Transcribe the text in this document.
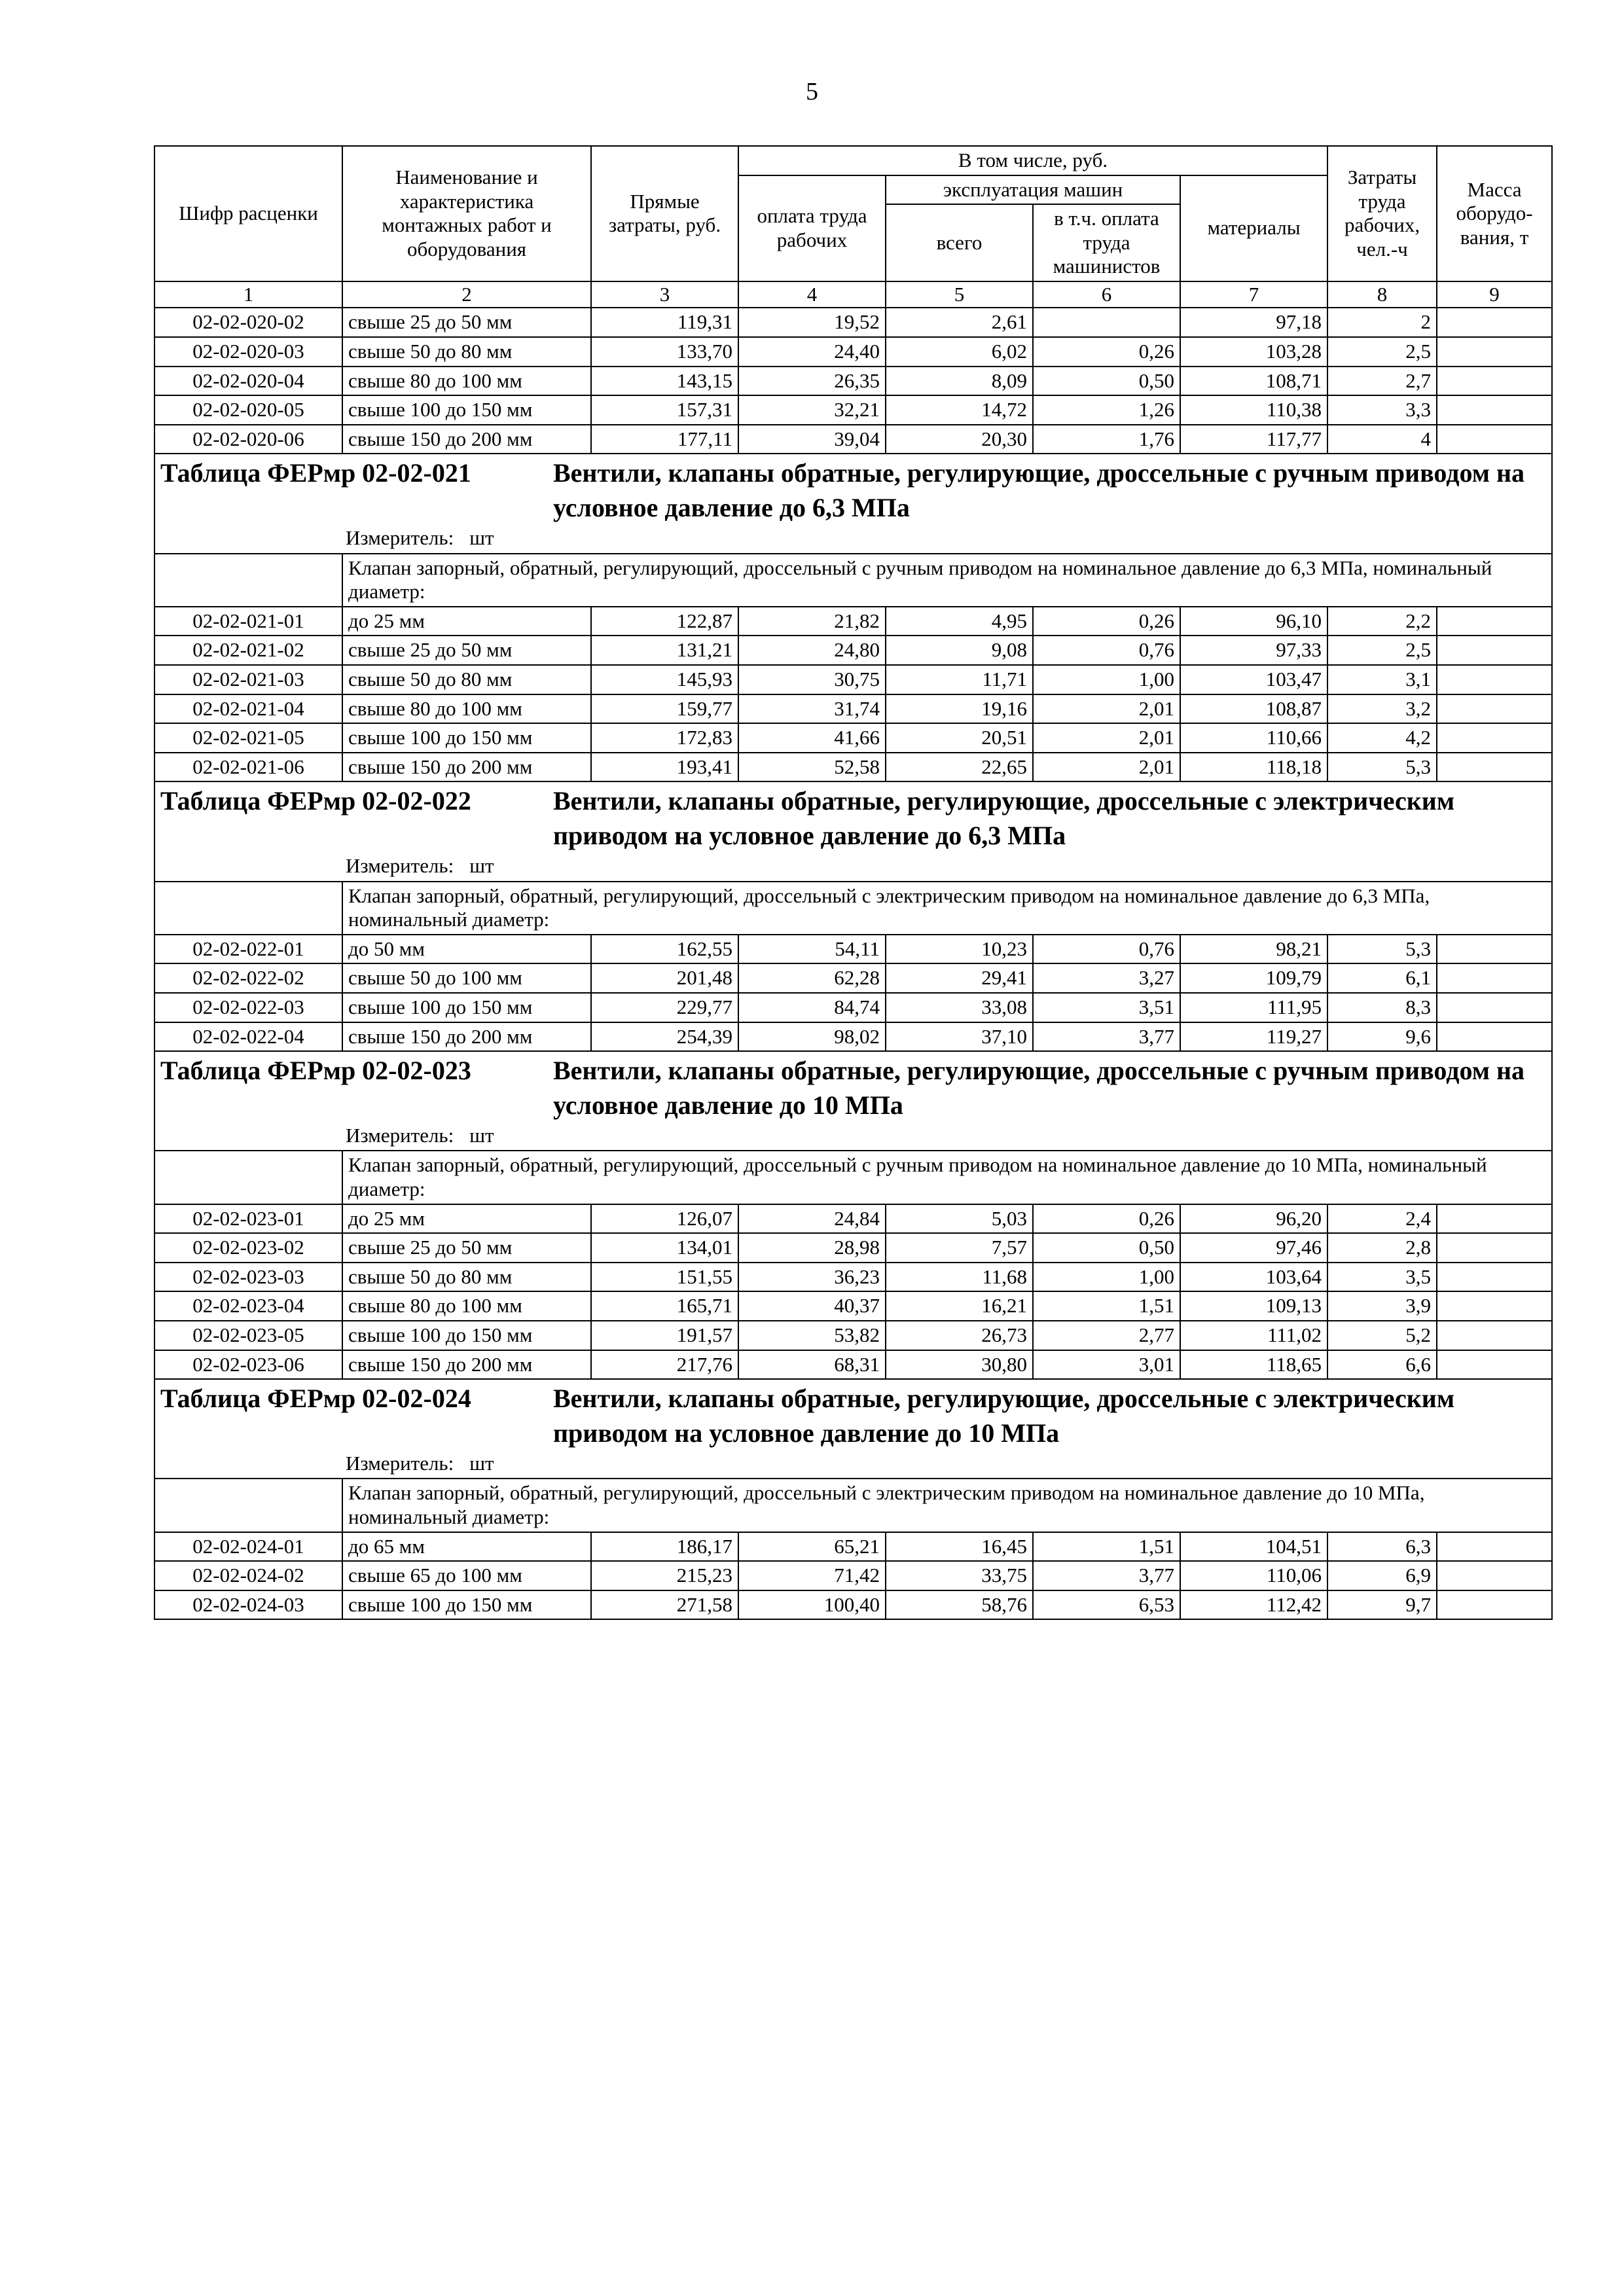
5
Шифр расценки	Наименование и характеристика монтажных работ и оборудования	Прямые затраты, руб.	В том числе, руб.				Затраты труда рабочих, чел.-ч	Масса оборудо-вания, т
			оплата труда рабочих	эксплуатация машин		материалы		
				всего	в т.ч. оплата труда машинистов			
1	2	3	4	5	6	7	8	9
02-02-020-02	свыше 25 до 50 мм	119,31	19,52	2,61		97,18	2	
02-02-020-03	свыше 50 до 80 мм	133,70	24,40	6,02	0,26	103,28	2,5	
02-02-020-04	свыше 80 до 100 мм	143,15	26,35	8,09	0,50	108,71	2,7	
02-02-020-05	свыше 100 до 150 мм	157,31	32,21	14,72	1,26	110,38	3,3	
02-02-020-06	свыше 150 до 200 мм	177,11	39,04	20,30	1,76	117,77	4	

Таблица ФЕРмр 02-02-021 Вентили, клапаны обратные, регулирующие, дроссельные с ручным приводом на условное давление до 6,3 МПа
Измеритель: шт								

	Клапан запорный, обратный, регулирующий, дроссельный с ручным приводом на номинальное давление до 6,3 МПа, номинальный диаметр:							
02-02-021-01	до 25 мм	122,87	21,82	4,95	0,26	96,10	2,2	
02-02-021-02	свыше 25 до 50 мм	131,21	24,80	9,08	0,76	97,33	2,5	
02-02-021-03	свыше 50 до 80 мм	145,93	30,75	11,71	1,00	103,47	3,1	
02-02-021-04	свыше 80 до 100 мм	159,77	31,74	19,16	2,01	108,87	3,2	
02-02-021-05	свыше 100 до 150 мм	172,83	41,66	20,51	2,01	110,66	4,2	
02-02-021-06	свыше 150 до 200 мм	193,41	52,58	22,65	2,01	118,18	5,3	

Таблица ФЕРмр 02-02-022 Вентили, клапаны обратные, регулирующие, дроссельные с электрическим приводом на условное давление до 6,3 МПа
Измеритель: шт								

	Клапан запорный, обратный, регулирующий, дроссельный с электрическим приводом на номинальное давление до 6,3 МПа, номинальный диаметр:							
02-02-022-01	до 50 мм	162,55	54,11	10,23	0,76	98,21	5,3	
02-02-022-02	свыше 50 до 100 мм	201,48	62,28	29,41	3,27	109,79	6,1	
02-02-022-03	свыше 100 до 150 мм	229,77	84,74	33,08	3,51	111,95	8,3	
02-02-022-04	свыше 150 до 200 мм	254,39	98,02	37,10	3,77	119,27	9,6	

Таблица ФЕРмр 02-02-023 Вентили, клапаны обратные, регулирующие, дроссельные с ручным приводом на условное давление до 10 МПа
Измеритель: шт								

	Клапан запорный, обратный, регулирующий, дроссельный с ручным приводом на номинальное давление до 10 МПа, номинальный диаметр:							
02-02-023-01	до 25 мм	126,07	24,84	5,03	0,26	96,20	2,4	
02-02-023-02	свыше 25 до 50 мм	134,01	28,98	7,57	0,50	97,46	2,8	
02-02-023-03	свыше 50 до 80 мм	151,55	36,23	11,68	1,00	103,64	3,5	
02-02-023-04	свыше 80 до 100 мм	165,71	40,37	16,21	1,51	109,13	3,9	
02-02-023-05	свыше 100 до 150 мм	191,57	53,82	26,73	2,77	111,02	5,2	
02-02-023-06	свыше 150 до 200 мм	217,76	68,31	30,80	3,01	118,65	6,6	

Таблица ФЕРмр 02-02-024 Вентили, клапаны обратные, регулирующие, дроссельные с электрическим приводом на условное давление до 10 МПа
Измеритель: шт								

	Клапан запорный, обратный, регулирующий, дроссельный с электрическим приводом на номинальное давление до 10 МПа, номинальный диаметр:							
02-02-024-01	до 65 мм	186,17	65,21	16,45	1,51	104,51	6,3	
02-02-024-02	свыше 65 до 100 мм	215,23	71,42	33,75	3,77	110,06	6,9	
02-02-024-03	свыше 100 до 150 мм	271,58	100,40	58,76	6,53	112,42	9,7	
